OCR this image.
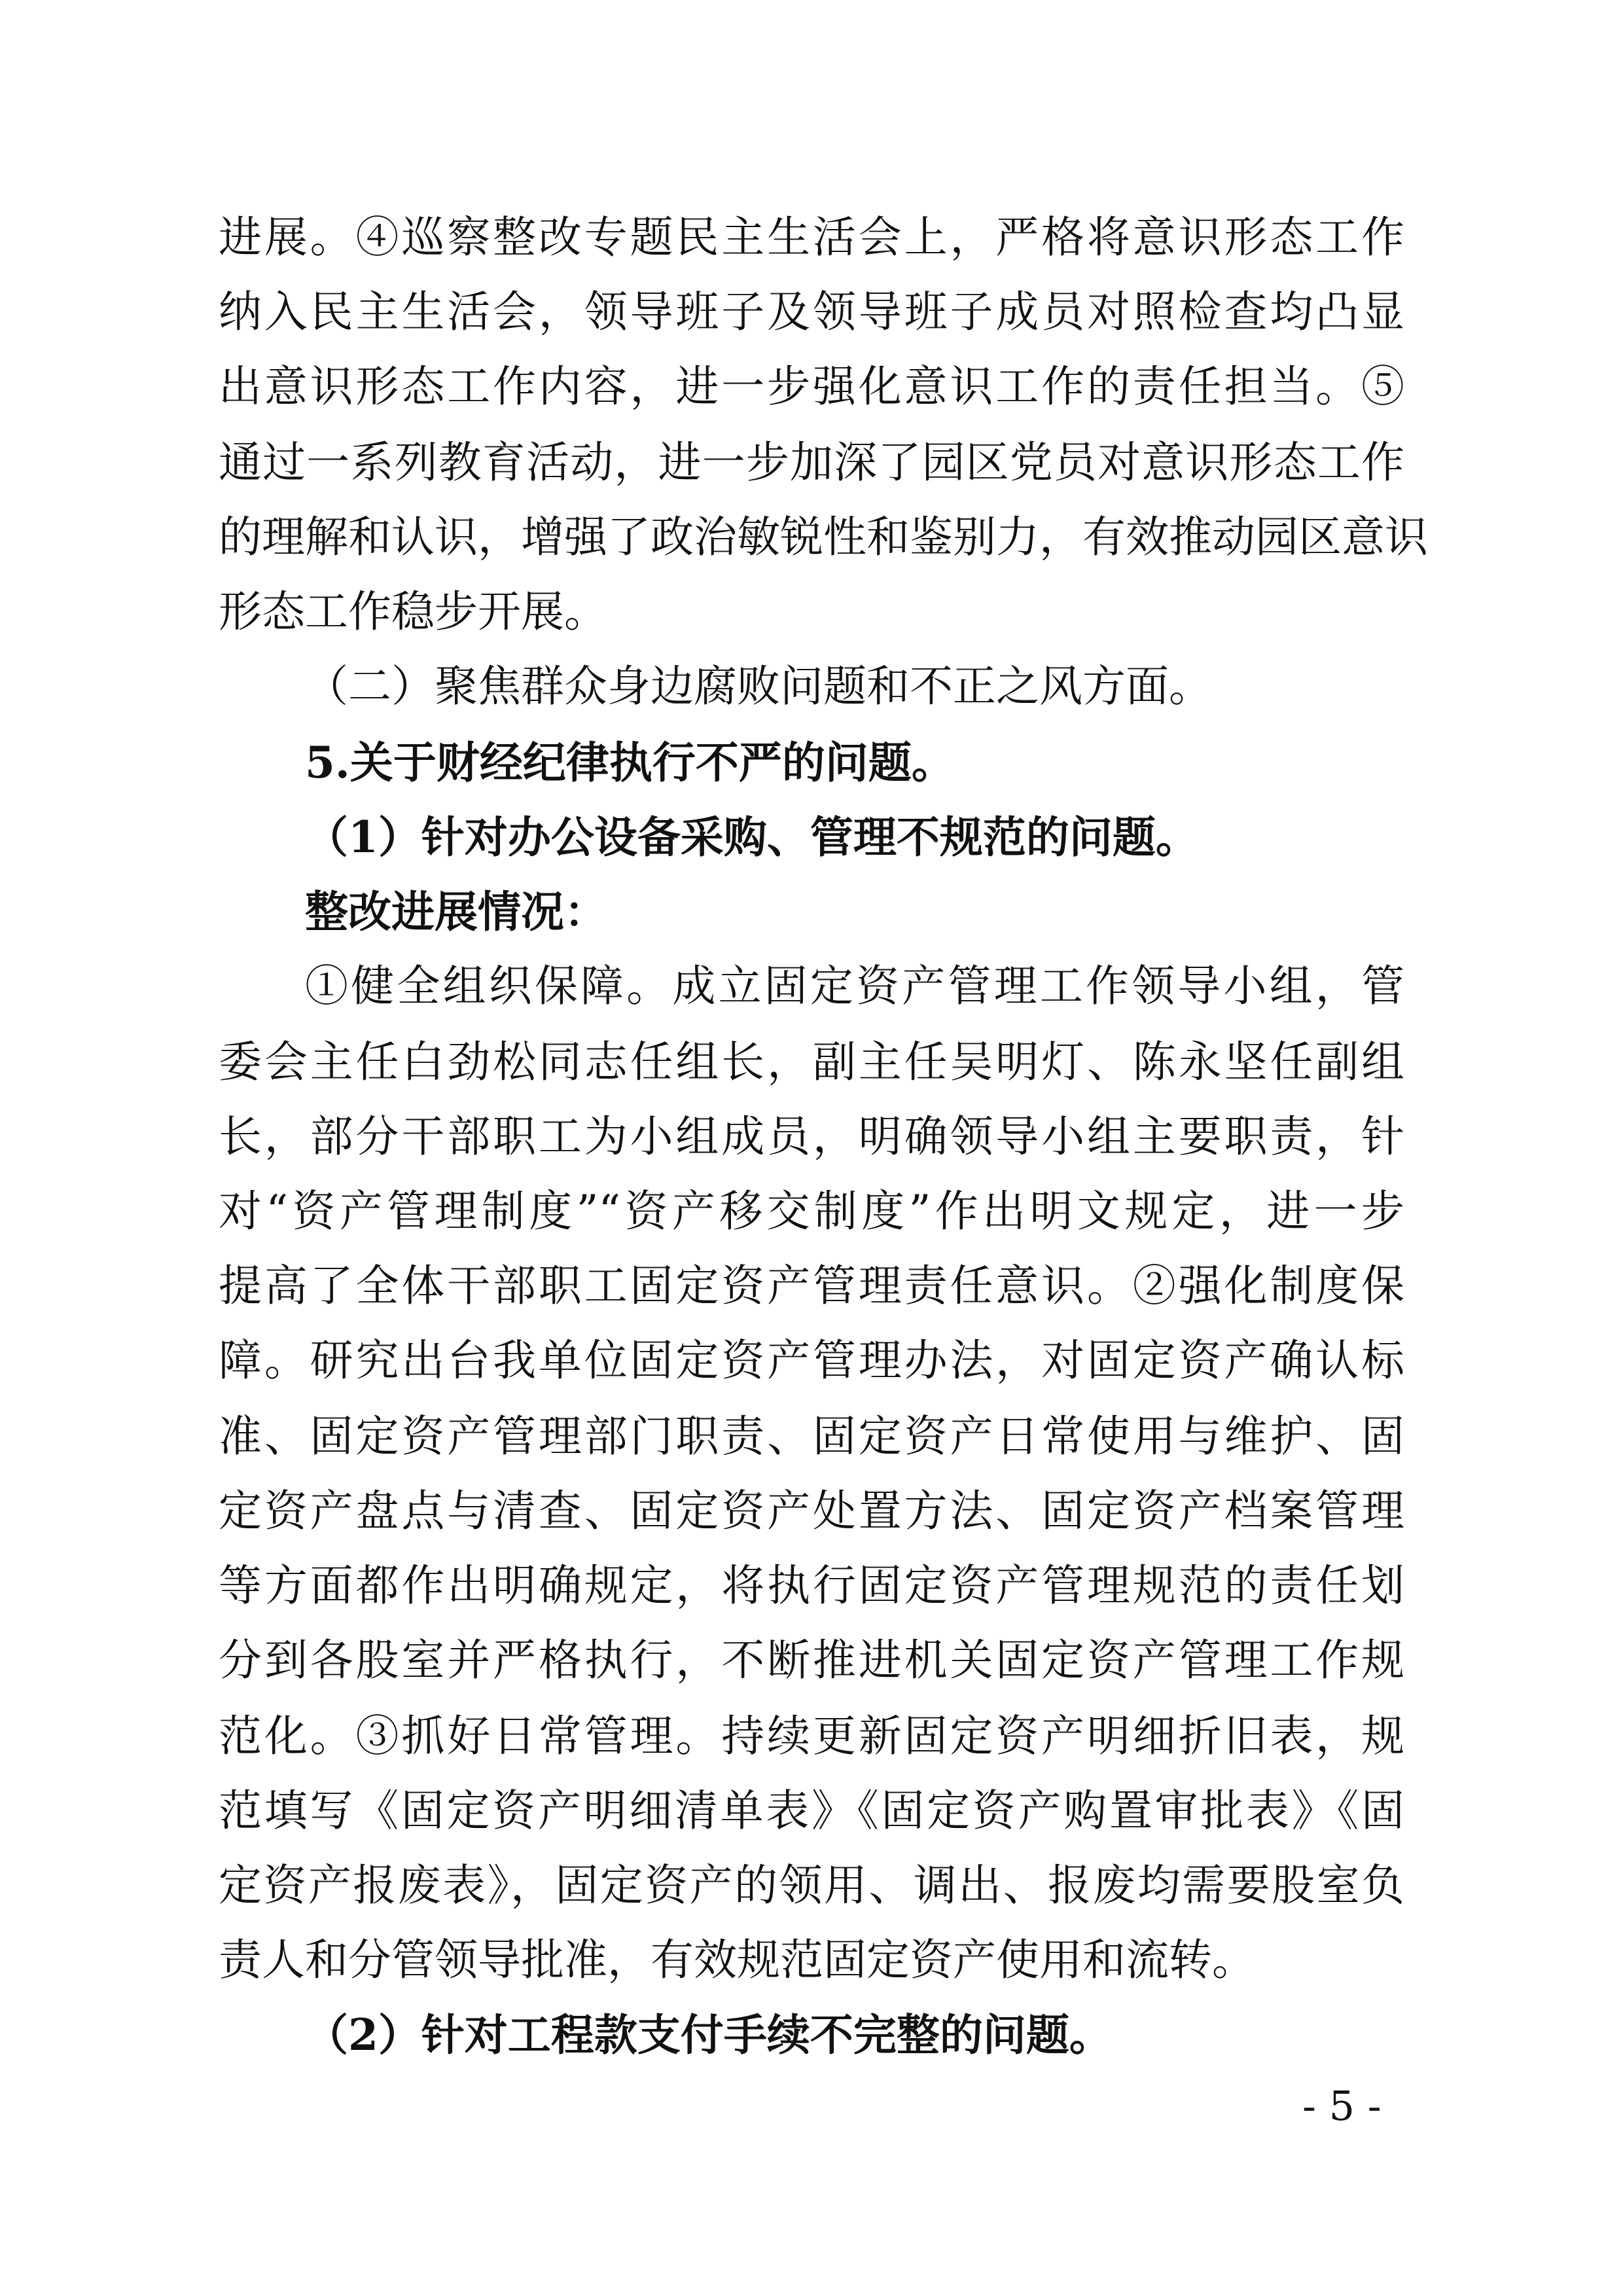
进展。④巡察整改专题民主生活会上，严格将意识形态工作
纳入民主生活会，领导班子及领导班子成员对照检查均凸显
出意识形态工作内容，进一步强化意识工作的责任担当。⑤
通过一系列教育活动，进一步加深了园区党员对意识形态工作
的理解和认识，增强了政治敏锐性和鉴别力，有效推动园区意识
形态工作稳步开展。
（二）聚焦群众身边腐败问题和不正之风方面。
5.关于财经纪律执行不严的问题。
（1）针对办公设备采购、管理不规范的问题。
整改进展情况：
①健全组织保障。成立固定资产管理工作领导小组，管
委会主任白劲松同志任组长，副主任吴明灯、陈永坚任副组
长，部分干部职工为小组成员，明确领导小组主要职责，针
对“资产管理制度”“资产移交制度”作出明文规定，进一步
提高了全体干部职工固定资产管理责任意识。②强化制度保
障。研究出台我单位固定资产管理办法，对固定资产确认标
准、固定资产管理部门职责、固定资产日常使用与维护、固
定资产盘点与清查、固定资产处置方法、固定资产档案管理
等方面都作出明确规定，将执行固定资产管理规范的责任划
分到各股室并严格执行，不断推进机关固定资产管理工作规
范化。③抓好日常管理。持续更新固定资产明细折旧表，规
范填写《固定资产明细清单表》《固定资产购置审批表》《固
定资产报废表》，固定资产的领用、调出、报废均需要股室负
责人和分管领导批准，有效规范固定资产使用和流转。
（2）针对工程款支付手续不完整的问题。
- 5 -
